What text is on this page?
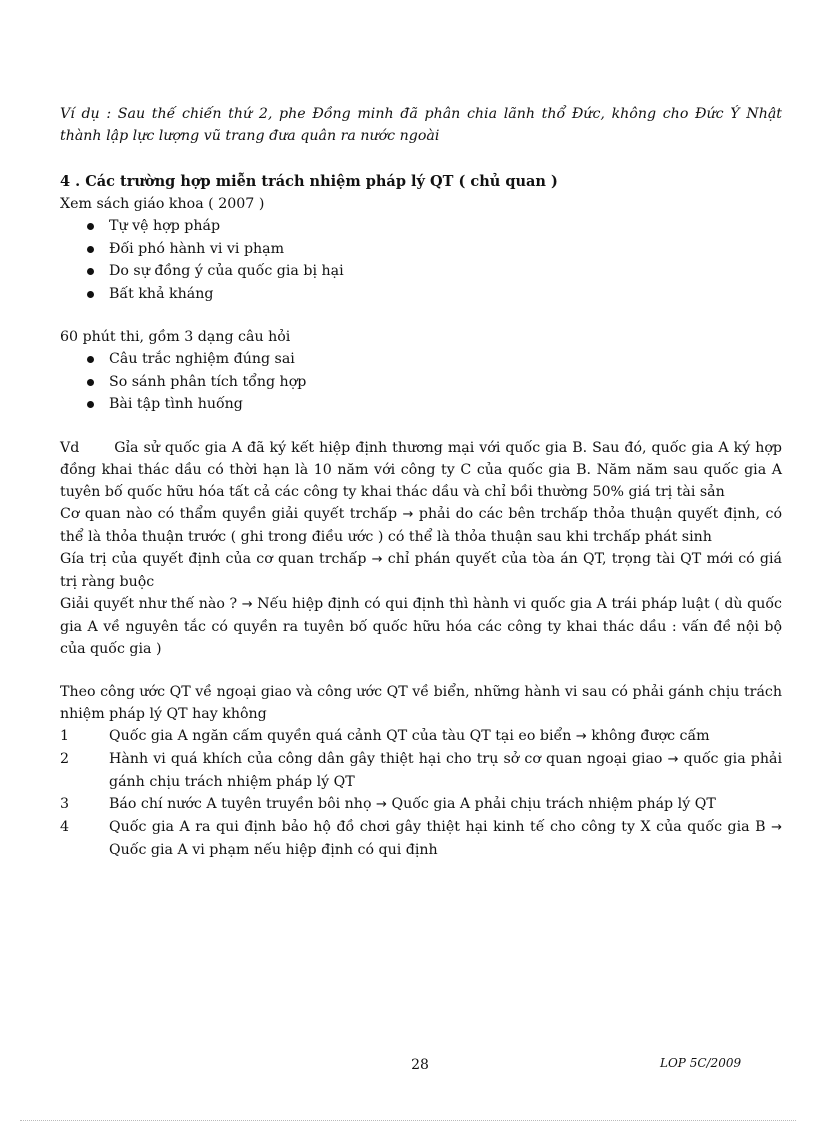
Ví dụ : Sau thế chiến thứ 2, phe Đồng minh đã phân chia lãnh thổ Đức, không cho Đức Ý Nhật thành lập lực lượng vũ trang đưa quân ra nước ngoài
4 . Các trường hợp miễn trách nhiệm pháp lý QT ( chủ quan )
Xem sách giáo khoa ( 2007 )
Tự vệ hợp pháp
Đối phó hành vi vi phạm
Do sự đồng ý của quốc gia bị hại
Bất khả kháng
60 phút thi, gồm 3 dạng câu hỏi
Câu trắc nghiệm đúng sai
So sánh phân tích tổng hợp
Bài tập tình huống
Vd Gỉa sử quốc gia A đã ký kết hiệp định thương mại với quốc gia B. Sau đó, quốc gia A ký hợp đồng khai thác dầu có thời hạn là 10 năm với công ty C của quốc gia B. Năm năm sau quốc gia A tuyên bố quốc hữu hóa tất cả các công ty khai thác dầu và chỉ bồi thường 50% giá trị tài sản
Cơ quan nào có thẩm quyền giải quyết trchấp → phải do các bên trchấp thỏa thuận quyết định, có thể là thỏa thuận trước ( ghi trong điều ước ) có thể là thỏa thuận sau khi trchấp phát sinh
Gía trị của quyết định của cơ quan trchấp → chỉ phán quyết của tòa án QT, trọng tài QT mới có giá trị ràng buộc
Giải quyết như thế nào ? → Nếu hiệp định có qui định thì hành vi quốc gia A trái pháp luật ( dù quốc gia A về nguyên tắc có quyền ra tuyên bố quốc hữu hóa các công ty khai thác dầu : vấn đề nội bộ của quốc gia )
Theo công ước QT về ngoại giao và công ước QT về biển, những hành vi sau có phải gánh chịu trách nhiệm pháp lý QT hay không
1	Quốc gia A ngăn cấm quyền quá cảnh QT của tàu QT tại eo biển → không được cấm
2	Hành vi quá khích của công dân gây thiệt hại cho trụ sở cơ quan ngoại giao → quốc gia phải gánh chịu trách nhiệm pháp lý QT
3	Báo chí nước A tuyên truyền bôi nhọ → Quốc gia A phải chịu trách nhiệm pháp lý QT
4	Quốc gia A ra qui định bảo hộ đồ chơi gây thiệt hại kinh tế cho công ty X của quốc gia B → Quốc gia A vi phạm nếu hiệp định có qui định
28	LOP 5C/2009
